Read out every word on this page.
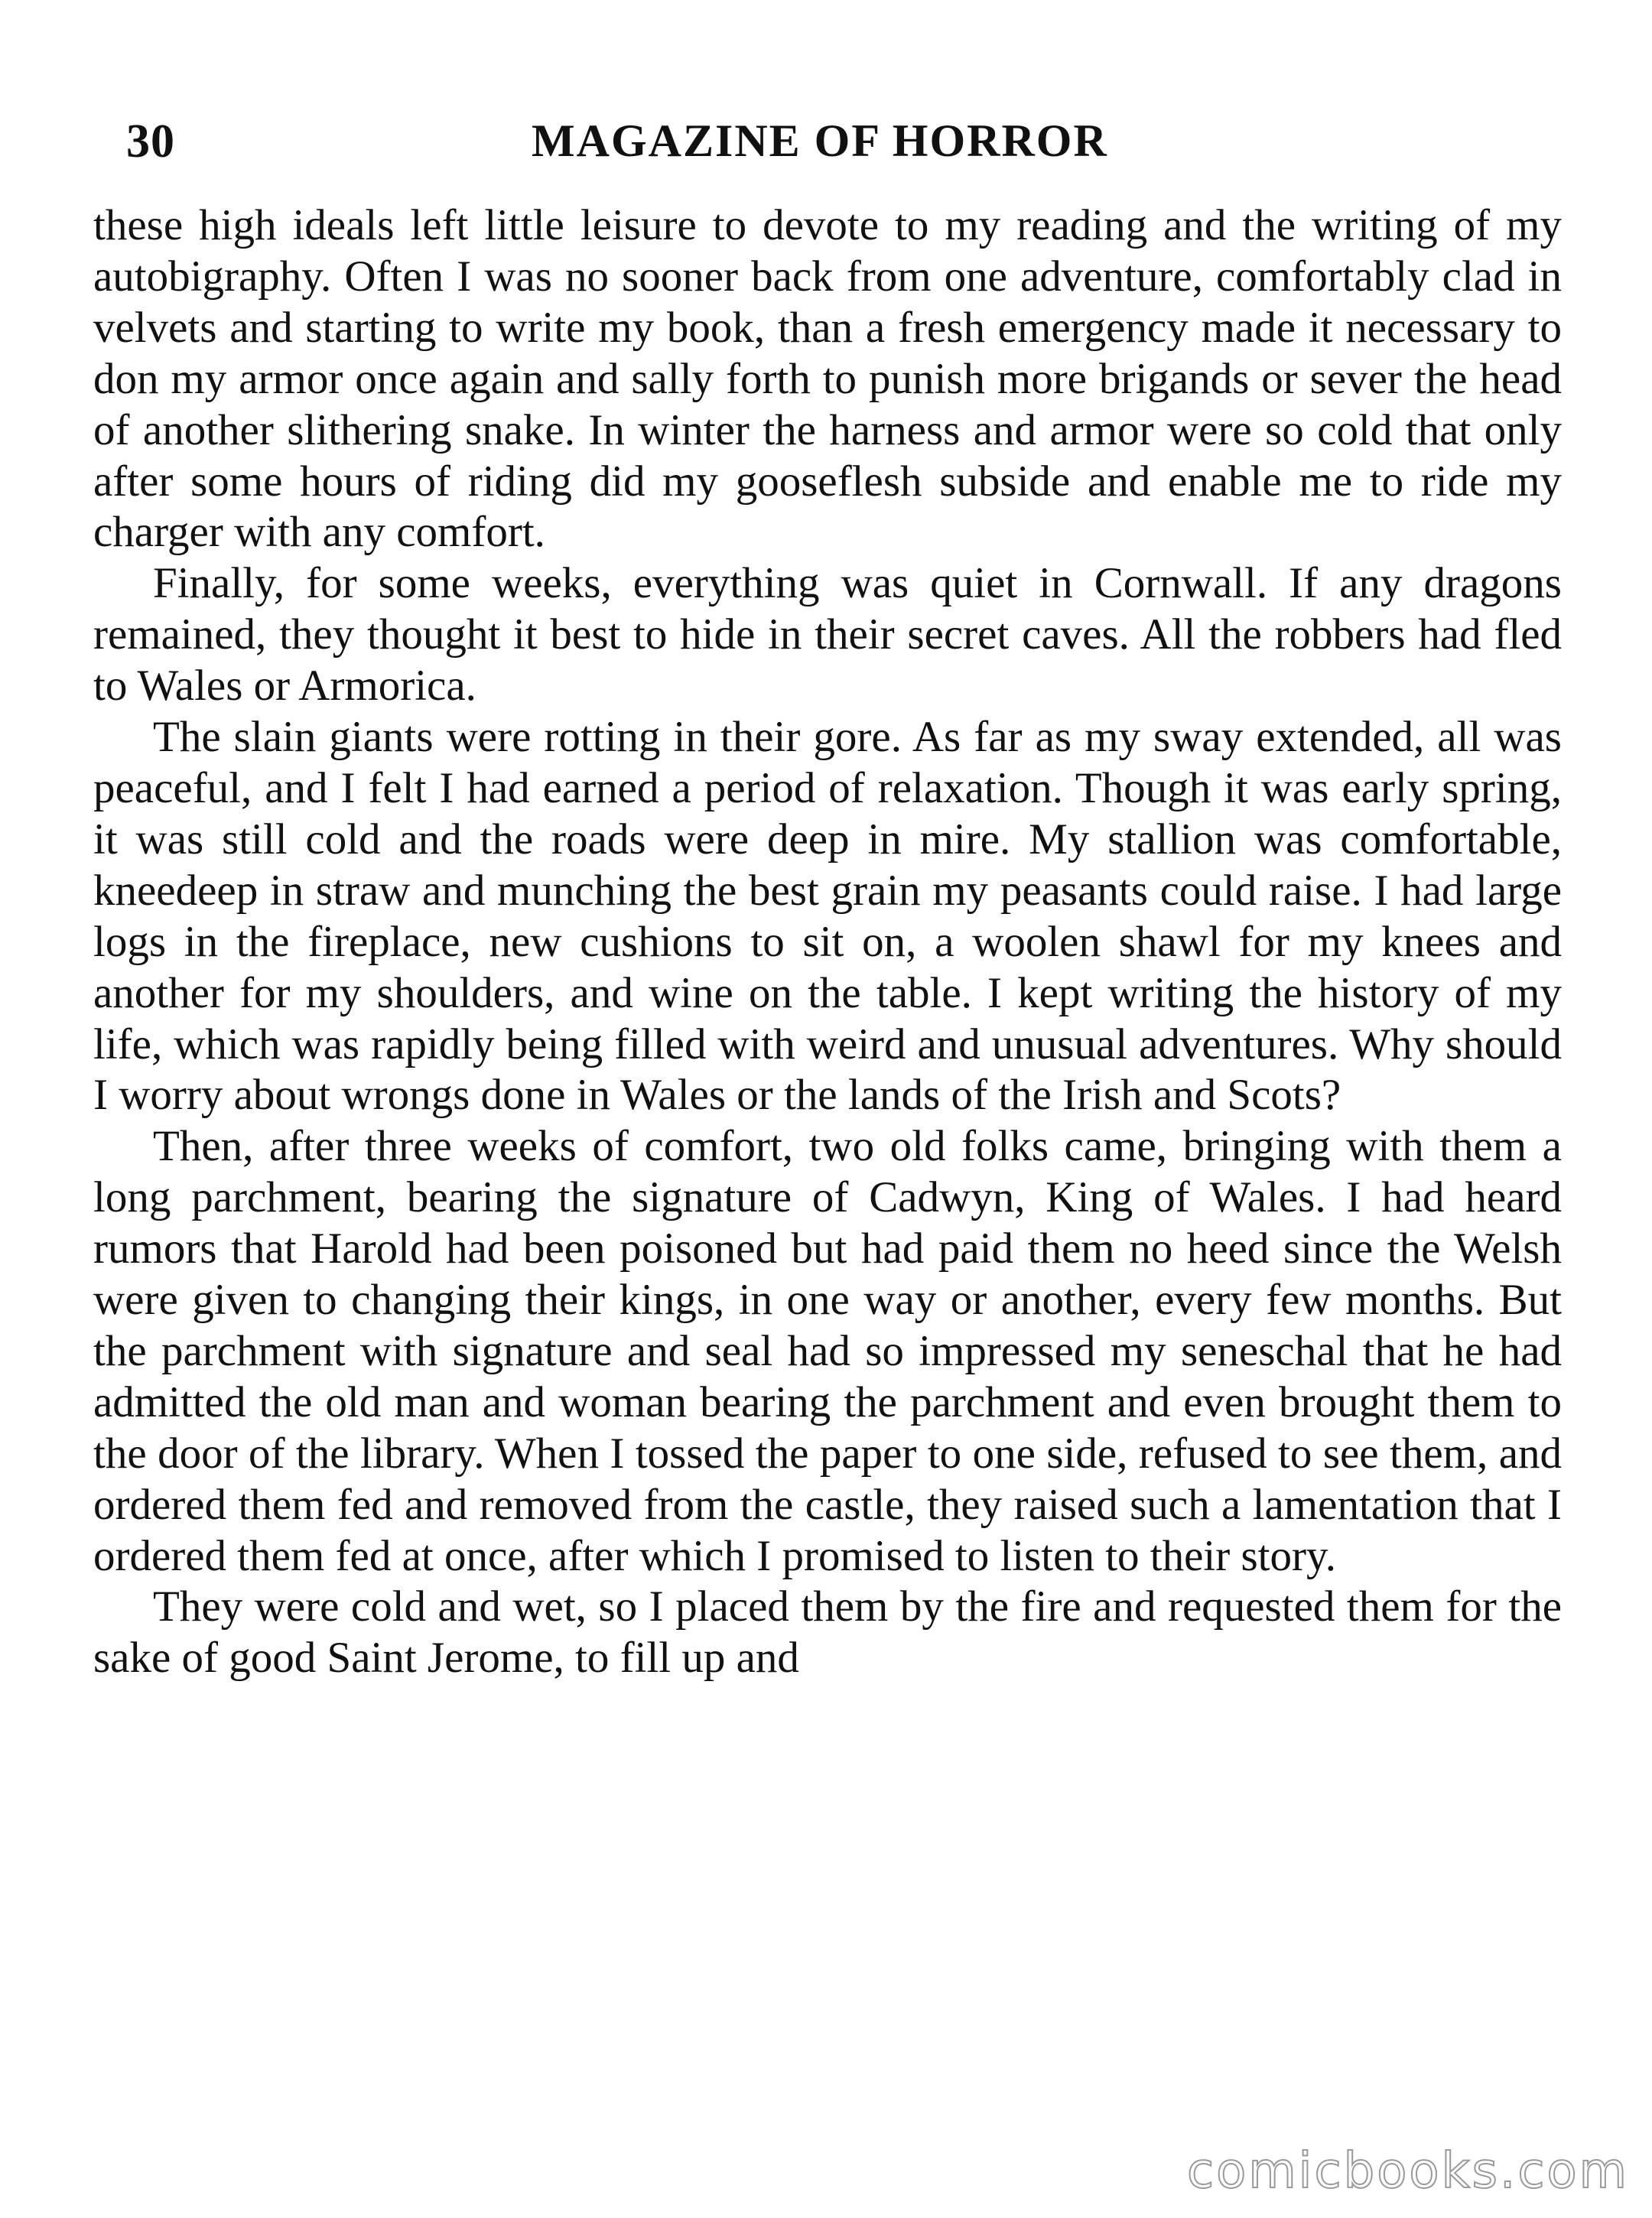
30	MAGAZINE OF HORROR

these high ideals left little leisure to devote to my reading and the writing of my autobigraphy. Often I was no sooner back from one adventure, comfortably clad in velvets and starting to write my book, than a fresh emergency made it necessary to don my armor once again and sally forth to punish more brigands or sever the head of another slithering snake. In winter the harness and armor were so cold that only after some hours of riding did my gooseflesh subside and enable me to ride my charger with any comfort.

Finally, for some weeks, everything was quiet in Cornwall. If any dragons remained, they thought it best to hide in their secret caves. All the robbers had fled to Wales or Armorica.

The slain giants were rotting in their gore. As far as my sway extended, all was peaceful, and I felt I had earned a period of relaxation. Though it was early spring, it was still cold and the roads were deep in mire. My stallion was comfortable, kneedeep in straw and munching the best grain my peasants could raise. I had large logs in the fireplace, new cushions to sit on, a woolen shawl for my knees and another for my shoulders, and wine on the table. I kept writing the history of my life, which was rapidly being filled with weird and unusual adventures. Why should I worry about wrongs done in Wales or the lands of the Irish and Scots?

Then, after three weeks of comfort, two old folks came, bringing with them a long parchment, bearing the signature of Cadwyn, King of Wales. I had heard rumors that Harold had been poisoned but had paid them no heed since the Welsh were given to changing their kings, in one way or another, every few months. But the parchment with signature and seal had so impressed my seneschal that he had admitted the old man and woman bearing the parchment and even brought them to the door of the library. When I tossed the paper to one side, refused to see them, and ordered them fed and removed from the castle, they raised such a lamentation that I ordered them fed at once, after which I promised to listen to their story.

They were cold and wet, so I placed them by the fire and requested them for the sake of good Saint Jerome, to fill up and

comicbooks.com
